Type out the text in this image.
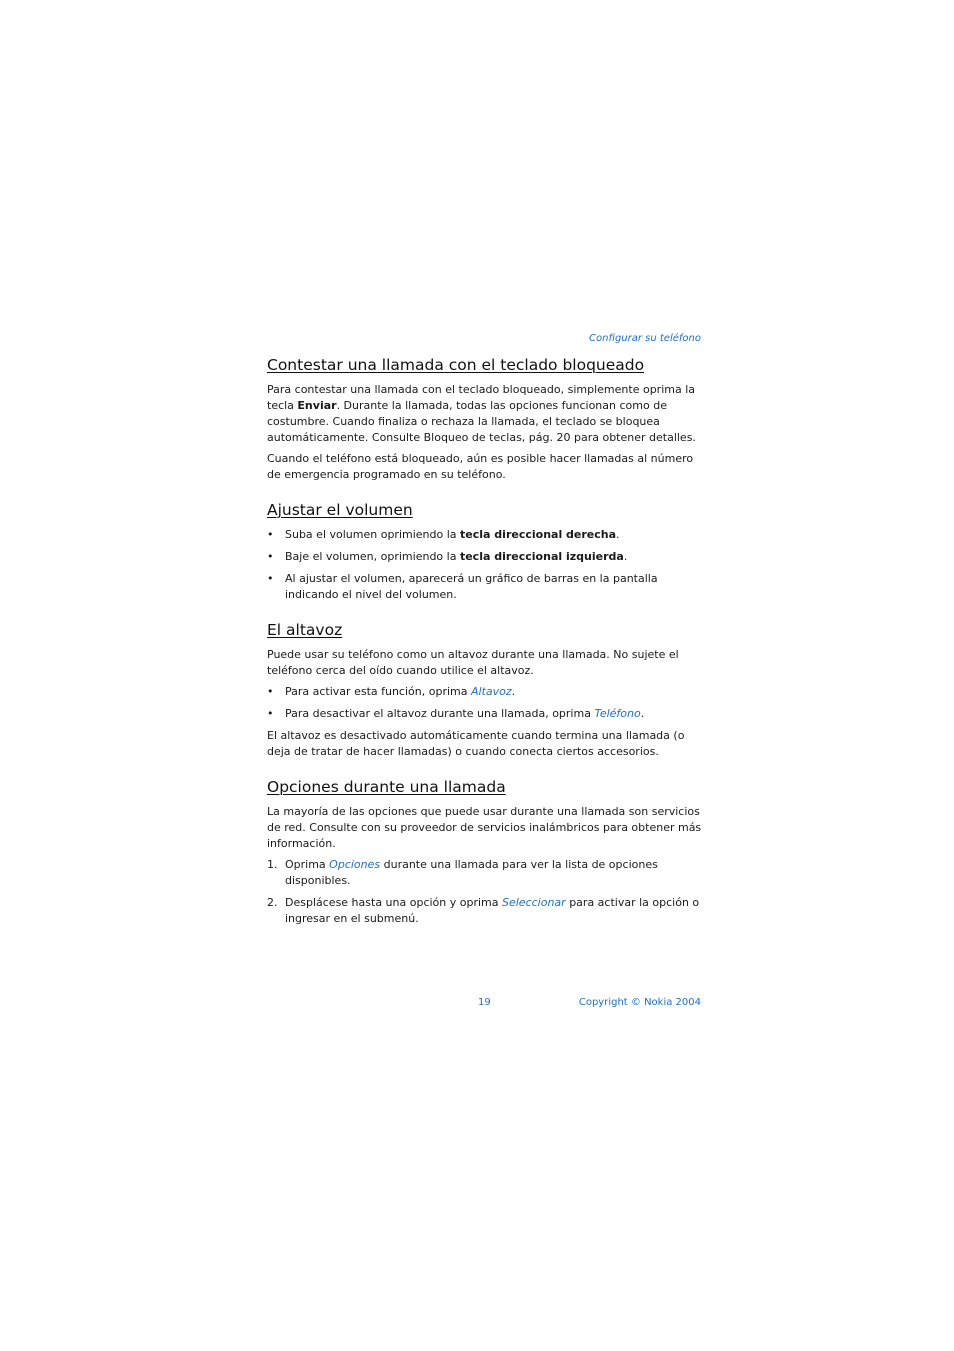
Configurar su teléfono
Contestar una llamada con el teclado bloqueado

Para contestar una llamada con el teclado bloqueado, simplemente oprima la tecla Enviar. Durante la llamada, todas las opciones funcionan como de costumbre. Cuando finaliza o rechaza la llamada, el teclado se bloquea automáticamente. Consulte Bloqueo de teclas, pág. 20 para obtener detalles.

Cuando el teléfono está bloqueado, aún es posible hacer llamadas al número de emergencia programado en su teléfono.

Ajustar el volumen
• Suba el volumen oprimiendo la tecla direccional derecha.
• Baje el volumen, oprimiendo la tecla direccional izquierda.
• Al ajustar el volumen, aparecerá un gráfico de barras en la pantalla indicando el nivel del volumen.
El altavoz

Puede usar su teléfono como un altavoz durante una llamada. No sujete el teléfono cerca del oído cuando utilice el altavoz.

• Para activar esta función, oprima Altavoz.
• Para desactivar el altavoz durante una llamada, oprima Teléfono.

El altavoz es desactivado automáticamente cuando termina una llamada (o deja de tratar de hacer llamadas) o cuando conecta ciertos accesorios.

Opciones durante una llamada

La mayoría de las opciones que puede usar durante una llamada son servicios de red. Consulte con su proveedor de servicios inalámbricos para obtener más información.

1. Oprima Opciones durante una llamada para ver la lista de opciones disponibles.
2. Desplácese hasta una opción y oprima Seleccionar para activar la opción o ingresar en el submenú.
19	Copyright © Nokia 2004
